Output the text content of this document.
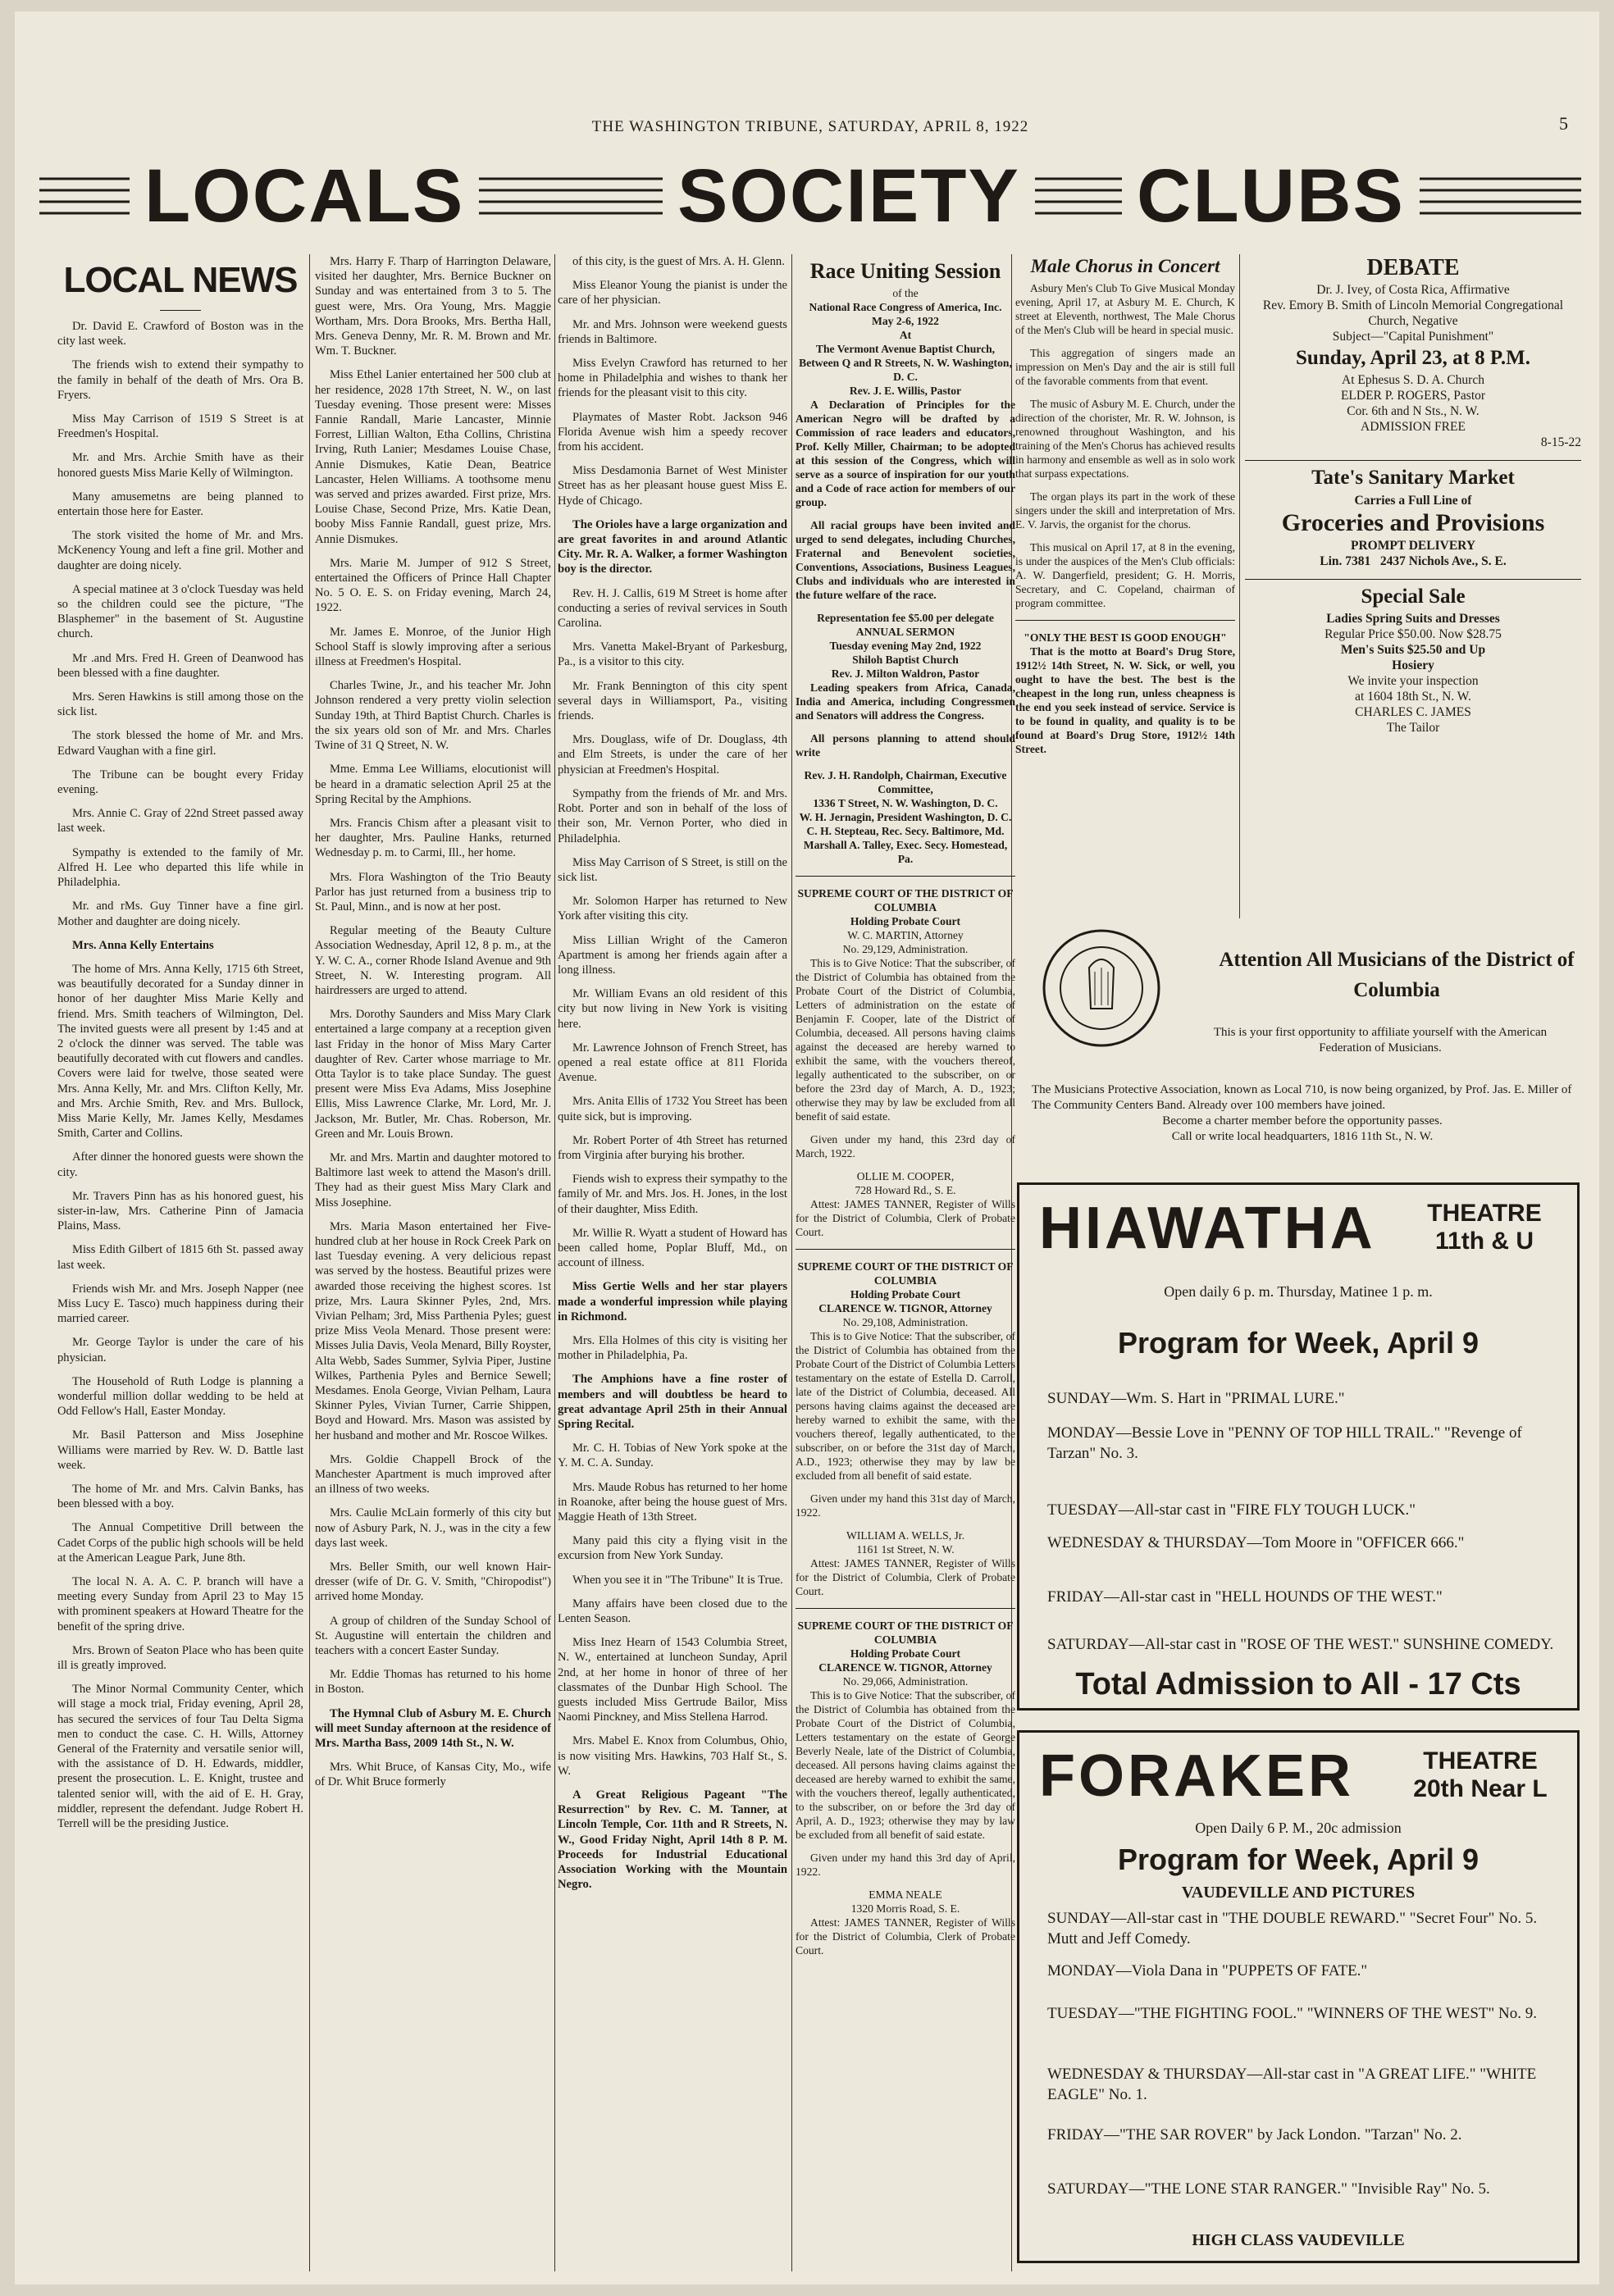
THE WASHINGTON TRIBUNE, SATURDAY, APRIL 8, 1922	5
LOCALS	SOCIETY CLUBS
LOCAL NEWS

Dr. David E. Crawford of Boston was in the city last week.

The friends wish to extend their sympathy to the family in behalf of the death of Mrs. Ora B. Fryers.

Miss May Carrison of 1519 S Street is at Freedmen's Hospital.

Mr. and Mrs. Archie Smith have as their honored guests Miss Marie Kelly of Wilmington.

Many amusemetns are being planned to entertain those here for Easter.

The stork visited the home of Mr. and Mrs. McKenency Young and left a fine gril. Mother and daughter are doing nicely.

A special matinee at 3 o'clock Tuesday was held so the children could see the picture, "The Blasphemer" in the basement of St. Augustine church.

Mr .and Mrs. Fred H. Green of Deanwood has been blessed with a fine daughter.

Mrs. Seren Hawkins is still among those on the sick list.

The stork blessed the home of Mr. and Mrs. Edward Vaughan with a fine girl.

The Tribune can be bought every Friday evening.

Mrs. Annie C. Gray of 22nd Street passed away last week.

Sympathy is extended to the family of Mr. Alfred H. Lee who departed this life while in Philadelphia.

Mr. and rMs. Guy Tinner have a fine girl. Mother and daughter are doing nicely.

Mrs. Anna Kelly Entertains

The home of Mrs. Anna Kelly, 1715 6th Street, was beautifully decorated for a Sunday dinner in honor of her daughter Miss Marie Kelly and friend. Mrs. Smith teachers of Wilmington, Del. The invited guests were all present by 1:45 and at 2 o'clock the dinner was served. The table was beautifully decorated with cut flowers and candles. Covers were laid for twelve, those seated were Mrs. Anna Kelly, Mr. and Mrs. Clifton Kelly, Mr. and Mrs. Archie Smith, Rev. and Mrs. Bullock, Miss Marie Kelly, Mr. James Kelly, Mesdames Smith, Carter and Collins.

After dinner the honored guests were shown the city.

Mr. Travers Pinn has as his honored guest, his sister-in-law, Mrs. Catherine Pinn of Jamacia Plains, Mass.

Miss Edith Gilbert of 1815 6th St. passed away last week.

Friends wish Mr. and Mrs. Joseph Napper (nee Miss Lucy E. Tasco) much happiness during their married career.

Mr. George Taylor is under the care of his physician.

The Household of Ruth Lodge is planning a wonderful million dollar wedding to be held at Odd Fellow's Hall, Easter Monday.

Mr. Basil Patterson and Miss Josephine Williams were married by Rev. W. D. Battle last week.

The home of Mr. and Mrs. Calvin Banks, has been blessed with a boy.

The Annual Competitive Drill between the Cadet Corps of the public high schools will be held at the American League Park, June 8th.

The local N. A. A. C. P. branch will have a meeting every Sunday from April 23 to May 15 with prominent speakers at Howard Theatre for the benefit of the spring drive.

Mrs. Brown of Seaton Place who has been quite ill is greatly improved.

The Minor Normal Community Center, which will stage a mock trial, Friday evening, April 28, has secured the services of four Tau Delta Sigma men to conduct the case. C. H. Wills, Attorney General of the Fraternity and versatile senior will, with the assistance of D. H. Edwards, middler, present the prosecution. L. E. Knight, trustee and talented senior will, with the aid of E. H. Gray, middler, represent the defendant. Judge Robert H. Terrell will be the presiding Justice.

Mrs. Harry F. Tharp of Harrington Delaware, visited her daughter, Mrs. Bernice Buckner on Sunday and was entertained from 3 to 5. The guest were, Mrs. Ora Young, Mrs. Maggie Wortham, Mrs. Dora Brooks, Mrs. Bertha Hall, Mrs. Geneva Denny, Mr. R. M. Brown and Mr. Wm. T. Buckner.

Miss Ethel Lanier entertained her 500 club at her residence, 2028 17th Street, N. W., on last Tuesday evening. Those present were: Misses Fannie Randall, Marie Lancaster, Minnie Forrest, Lillian Walton, Etha Collins, Christina Irving, Ruth Lanier; Mesdames Louise Chase, Annie Dismukes, Katie Dean, Beatrice Lancaster, Helen Williams. A toothsome menu was served and prizes awarded. First prize, Mrs. Louise Chase, Second Prize, Mrs. Katie Dean, booby Miss Fannie Randall, guest prize, Mrs. Annie Dismukes.

Mrs. Marie M. Jumper of 912 S Street, entertained the Officers of Prince Hall Chapter No. 5 O. E. S. on Friday evening, March 24, 1922.

Mr. James E. Monroe, of the Junior High School Staff is slowly improving after a serious illness at Freedmen's Hospital.

Charles Twine, Jr., and his teacher Mr. John Johnson rendered a very pretty violin selection Sunday 19th, at Third Baptist Church. Charles is the six years old son of Mr. and Mrs. Charles Twine of 31 Q Street, N. W.

Mme. Emma Lee Williams, elocutionist will be heard in a dramatic selection April 25 at the Spring Recital by the Amphions.

Mrs. Francis Chism after a pleasant visit to her daughter, Mrs. Pauline Hanks, returned Wednesday p. m. to Carmi, Ill., her home.

Mrs. Flora Washington of the Trio Beauty Parlor has just returned from a business trip to St. Paul, Minn., and is now at her post.

Regular meeting of the Beauty Culture Association Wednesday, April 12, 8 p. m., at the Y. W. C. A., corner Rhode Island Avenue and 9th Street, N. W. Interesting program. All hairdressers are urged to attend.

Mrs. Dorothy Saunders and Miss Mary Clark entertained a large company at a reception given last Friday in the honor of Miss Mary Carter daughter of Rev. Carter whose marriage to Mr. Otta Taylor is to take place Sunday. The guest present were Miss Eva Adams, Miss Josephine Ellis, Miss Lawrence Clarke, Mr. Lord, Mr. J. Jackson, Mr. Butler, Mr. Chas. Roberson, Mr. Green and Mr. Louis Brown.

Mr. and Mrs. Martin and daughter motored to Baltimore last week to attend the Mason's drill. They had as their guest Miss Mary Clark and Miss Josephine.

Mrs. Maria Mason entertained her Five-hundred club at her house in Rock Creek Park on last Tuesday evening. A very delicious repast was served by the hostess. Beautiful prizes were awarded those receiving the highest scores. 1st prize, Mrs. Laura Skinner Pyles, 2nd, Mrs. Vivian Pelham; 3rd, Miss Parthenia Pyles; guest prize Miss Veola Menard. Those present were: Misses Julia Davis, Veola Menard, Billy Royster, Alta Webb, Sades Summer, Sylvia Piper, Justine Wilkes, Parthenia Pyles and Bernice Sewell; Mesdames. Enola George, Vivian Pelham, Laura Skinner Pyles, Vivian Turner, Carrie Shippen, Boyd and Howard. Mrs. Mason was assisted by her husband and mother and Mr. Roscoe Wilkes.

Mrs. Goldie Chappell Brock of the Manchester Apartment is much improved after an illness of two weeks.

Mrs. Caulie McLain formerly of this city but now of Asbury Park, N. J., was in the city a few days last week.

Mrs. Beller Smith, our well known Hair-dresser (wife of Dr. G. V. Smith, "Chiropodist") arrived home Monday.

A group of children of the Sunday School of St. Augustine will entertain the children and teachers with a concert Easter Sunday.

Mr. Eddie Thomas has returned to his home in Boston.

The Hymnal Club of Asbury M. E. Church will meet Sunday afternoon at the residence of Mrs. Martha Bass, 2009 14th St., N. W.

Mrs. Whit Bruce, of Kansas City, Mo., wife of Dr. Whit Bruce formerly

of this city, is the guest of Mrs. A. H. Glenn.

Miss Eleanor Young the pianist is under the care of her physician.

Mr. and Mrs. Johnson were weekend guests friends in Baltimore.

Miss Evelyn Crawford has returned to her home in Philadelphia and wishes to thank her friends for the pleasant visit to this city.

Playmates of Master Robt. Jackson 946 Florida Avenue wish him a speedy recover from his accident.

Miss Desdamonia Barnet of West Minister Street has as her pleasant house guest Miss E. Hyde of Chicago.

The Orioles have a large organization and are great favorites in and around Atlantic City. Mr. R. A. Walker, a former Washington boy is the director.

Rev. H. J. Callis, 619 M Street is home after conducting a series of revival services in South Carolina.

Mrs. Vanetta Makel-Bryant of Parkesburg, Pa., is a visitor to this city.

Mr. Frank Bennington of this city spent several days in Williamsport, Pa., visiting friends.

Mrs. Douglass, wife of Dr. Douglass, 4th and Elm Streets, is under the care of her physician at Freedmen's Hospital.

Sympathy from the friends of Mr. and Mrs. Robt. Porter and son in behalf of the loss of their son, Mr. Vernon Porter, who died in Philadelphia.

Miss May Carrison of S Street, is still on the sick list.

Mr. Solomon Harper has returned to New York after visiting this city.

Miss Lillian Wright of the Cameron Apartment is among her friends again after a long illness.

Mr. William Evans an old resident of this city but now living in New York is visiting here.

Mr. Lawrence Johnson of French Street, has opened a real estate office at 811 Florida Avenue.

Mrs. Anita Ellis of 1732 You Street has been quite sick, but is improving.

Mr. Robert Porter of 4th Street has returned from Virginia after burying his brother.

Fiends wish to express their sympathy to the family of Mr. and Mrs. Jos. H. Jones, in the lost of their daughter, Miss Edith.

Mr. Willie R. Wyatt a student of Howard has been called home, Poplar Bluff, Md., on account of illness.

Miss Gertie Wells and her star players made a wonderful impression while playing in Richmond.

Mrs. Ella Holmes of this city is visiting her mother in Philadelphia, Pa.

The Amphions have a fine roster of members and will doubtless be heard to great advantage April 25th in their Annual Spring Recital.

Mr. C. H. Tobias of New York spoke at the Y. M. C. A. Sunday.

Mrs. Maude Robus has returned to her home in Roanoke, after being the house guest of Mrs. Maggie Heath of 13th Street.

Many paid this city a flying visit in the excursion from New York Sunday.

When you see it in "The Tribune" It is True.

Many affairs have been closed due to the Lenten Season.

Miss Inez Hearn of 1543 Columbia Street, N. W., entertained at luncheon Sunday, April 2nd, at her home in honor of three of her classmates of the Dunbar High School. The guests included Miss Gertrude Bailor, Miss Naomi Pinckney, and Miss Stellena Harrod.

Mrs. Mabel E. Knox from Columbus, Ohio, is now visiting Mrs. Hawkins, 703 Half St., S. W.

A Great Religious Pageant "The Resurrection" by Rev. C. M. Tanner, at Lincoln Temple, Cor. 11th and R Streets, N. W., Good Friday Night, April 14th 8 P. M. Proceeds for Industrial Educational Association Working with the Mountain Negro.

Race Uniting Session
of the
National Race Congress of America, Inc.
May 2-6, 1922
At
The Vermont Avenue Baptist Church, Between Q and R Streets, N. W. Washington, D. C.
Rev. J. E. Willis, Pastor

A Declaration of Principles for the American Negro will be drafted by a Commission of race leaders and educators, Prof. Kelly Miller, Chairman; to be adopted at this session of the Congress, which will serve as a source of inspiration for our youth and a Code of race action for members of our group.

All racial groups have been invited and urged to send delegates, including Churches, Fraternal and Benevolent societies, Conventions, Associations, Business Leagues, Clubs and individuals who are interested in the future welfare of the race.

Representation fee $5.00 per delegate
ANNUAL SERMON
Tuesday evening May 2nd, 1922
Shiloh Baptist Church
Rev. J. Milton Waldron, Pastor

Leading speakers from Africa, Canada, India and America, including Congressmen and Senators will address the Congress.

All persons planning to attend should write

Rev. J. H. Randolph, Chairman, Executive Committee,
1336 T Street, N. W. Washington, D. C.
W. H. Jernagin, President Washington, D. C.
C. H. Stepteau, Rec. Secy. Baltimore, Md.
Marshall A. Talley, Exec. Secy. Homestead, Pa.
SUPREME COURT OF THE DISTRICT OF COLUMBIA
Holding Probate Court
W. C. MARTIN, Attorney
No. 29,129, Administration.

This is to Give Notice: That the subscriber, of the District of Columbia has obtained from the Probate Court of the District of Columbia, Letters of administration on the estate of Benjamin F. Cooper, late of the District of Columbia, deceased. All persons having claims against the deceased are hereby warned to exhibit the same, with the vouchers thereof, legally authenticated to the subscriber, on or before the 23rd day of March, A. D., 1923; otherwise they may by law be excluded from all benefit of said estate.

Given under my hand, this 23rd day of March, 1922.

OLLIE M. COOPER,
728 Howard Rd., S. E.

Attest: JAMES TANNER, Register of Wills for the District of Columbia, Clerk of Probate Court.

SUPREME COURT OF THE DISTRICT OF COLUMBIA
Holding Probate Court
CLARENCE W. TIGNOR, Attorney
No. 29,108, Administration.

This is to Give Notice: That the subscriber, of the District of Columbia has obtained from the Probate Court of the District of Columbia Letters testamentary on the estate of Estella D. Carroll, late of the District of Columbia, deceased. All persons having claims against the deceased are hereby warned to exhibit the same, with the vouchers thereof, legally authenticated, to the subscriber, on or before the 31st day of March, A.D., 1923; otherwise they may by law be excluded from all benefit of said estate.

Given under my hand this 31st day of March, 1922.

WILLIAM A. WELLS, Jr.
1161 1st Street, N. W.

Attest: JAMES TANNER, Register of Wills for the District of Columbia, Clerk of Probate Court.

SUPREME COURT OF THE DISTRICT OF COLUMBIA
Holding Probate Court
CLARENCE W. TIGNOR, Attorney
No. 29,066, Administration.

This is to Give Notice: That the subscriber, of the District of Columbia has obtained from the Probate Court of the District of Columbia, Letters testamentary on the estate of George Beverly Neale, late of the District of Columbia, deceased. All persons having claims against the deceased are hereby warned to exhibit the same, with the vouchers thereof, legally authenticated, to the subscriber, on or before the 3rd day of April, A. D., 1923; otherwise they may by law be excluded from all benefit of said estate.

Given under my hand this 3rd day of April, 1922.

EMMA NEALE
1320 Morris Road, S. E.

Attest: JAMES TANNER, Register of Wills for the District of Columbia, Clerk of Probate Court.

Male Chorus in Concert

Asbury Men's Club To Give Musical Monday evening, April 17, at Asbury M. E. Church, K street at Eleventh, northwest, The Male Chorus of the Men's Club will be heard in special music.

This aggregation of singers made an impression on Men's Day and the air is still full of the favorable comments from that event.

The music of Asbury M. E. Church, under the direction of the chorister, Mr. R. W. Johnson, is renowned throughout Washington, and his training of the Men's Chorus has achieved results in harmony and ensemble as well as in solo work that surpass expectations.

The organ plays its part in the work of these singers under the skill and interpretation of Mrs. E. V. Jarvis, the organist for the chorus.

This musical on April 17, at 8 in the evening, is under the auspices of the Men's Club officials: A. W. Dangerfield, president; G. H. Morris, Secretary, and C. Copeland, chairman of program committee.

"ONLY THE BEST IS GOOD ENOUGH"

That is the motto at Board's Drug Store, 1912½ 14th Street, N. W. Sick, or well, you ought to have the best. The best is the cheapest in the long run, unless cheapness is the end you seek instead of service. Service is to be found in quality, and quality is to be found at Board's Drug Store, 1912½ 14th Street.

DEBATE
Dr. J. Ivey, of Costa Rica, Affirmative
Rev. Emory B. Smith of Lincoln Memorial Congregational Church, Negative
Subject—"Capital Punishment"
Sunday, April 23, at 8 P.M.
At Ephesus S. D. A. Church
ELDER P. ROGERS, Pastor
Cor. 6th and N Sts., N. W.
ADMISSION FREE
8-15-22
Tate's Sanitary Market
Carries a Full Line of
Groceries and Provisions
PROMPT DELIVERY
Lin. 7381 2437 Nichols Ave., S. E.
Special Sale
Ladies Spring Suits and Dresses
Regular Price $50.00. Now $28.75
Men's Suits $25.50 and Up
Hosiery
We invite your inspection
at 1604 18th St., N. W.
CHARLES C. JAMES
The Tailor
Attention All Musicians of the District of Columbia
This is your first opportunity to affiliate yourself with the American Federation of Musicians.
The Musicians Protective Association, known as Local 710, is now being organized, by Prof. Jas. E. Miller of The Community Centers Band. Already over 100 members have joined.
Become a charter member before the opportunity passes.
Call or write local headquarters, 1816 11th St., N. W.
HIAWATHA	THEATRE 11th & U
Open daily 6 p. m. Thursday, Matinee 1 p. m.
Program for Week, April 9
SUNDAY—Wm. S. Hart in "PRIMAL LURE."
MONDAY—Bessie Love in "PENNY OF TOP HILL TRAIL." "Revenge of Tarzan" No. 3.
TUESDAY—All-star cast in "FIRE FLY TOUGH LUCK."
WEDNESDAY & THURSDAY—Tom Moore in "OFFICER 666."
FRIDAY—All-star cast in "HELL HOUNDS OF THE WEST."
SATURDAY—All-star cast in "ROSE OF THE WEST." SUNSHINE COMEDY.
Total Admission to All - 17 Cts
FORAKER	THEATRE 20th Near L
Open Daily 6 P. M., 20c admission
Program for Week, April 9
VAUDEVILLE AND PICTURES
SUNDAY—All-star cast in "THE DOUBLE REWARD." "Secret Four" No. 5. Mutt and Jeff Comedy.
MONDAY—Viola Dana in "PUPPETS OF FATE."
TUESDAY—"THE FIGHTING FOOL." "WINNERS OF THE WEST" No. 9.
WEDNESDAY & THURSDAY—All-star cast in "A GREAT LIFE." "WHITE EAGLE" No. 1.
FRIDAY—"THE SAR ROVER" by Jack London. "Tarzan" No. 2.
SATURDAY—"THE LONE STAR RANGER." "Invisible Ray" No. 5.
HIGH CLASS VAUDEVILLE
